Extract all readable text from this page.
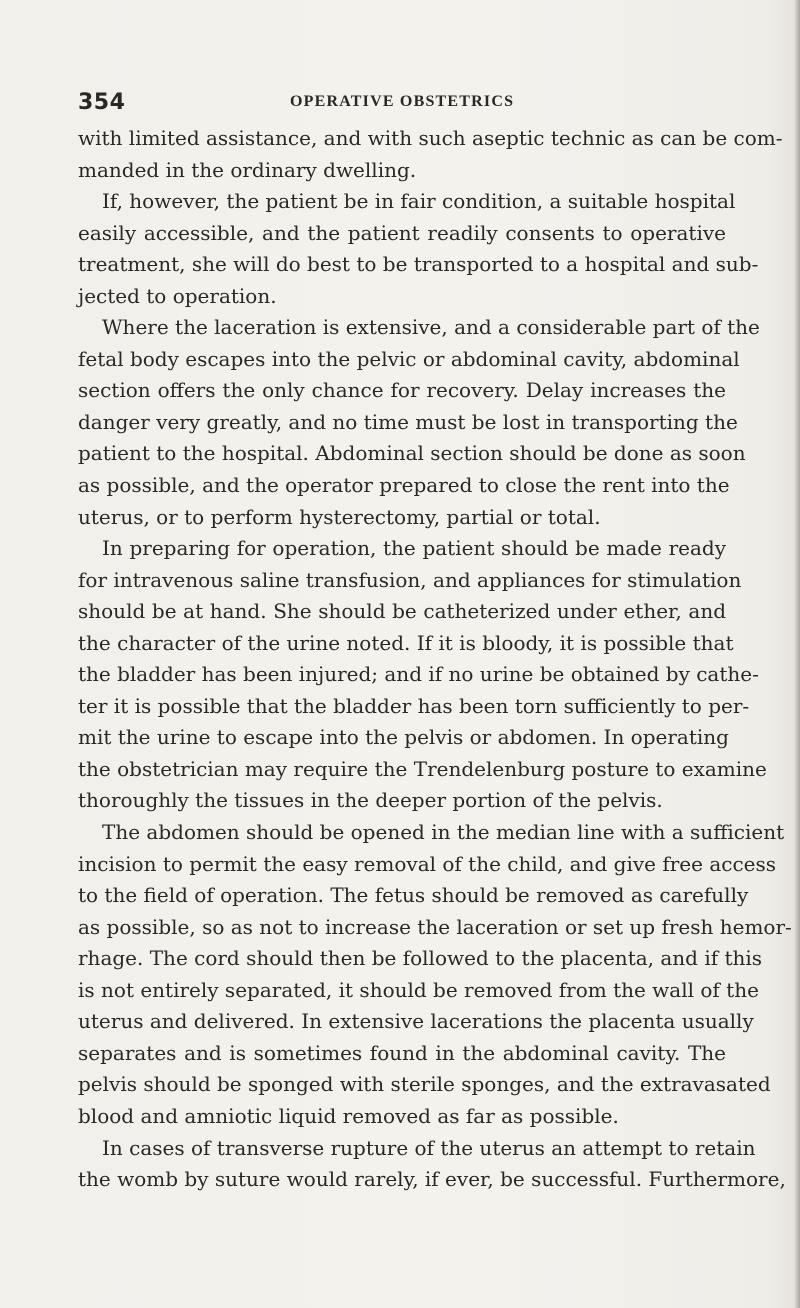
354	OPERATIVE OBSTETRICS
with limited assistance, and with such aseptic technic as can be com-
manded in the ordinary dwelling.
If, however, the patient be in fair condition, a suitable hospital
easily accessible, and the patient readily consents to operative
treatment, she will do best to be transported to a hospital and sub-
jected to operation.
Where the laceration is extensive, and a considerable part of the
fetal body escapes into the pelvic or abdominal cavity, abdominal
section offers the only chance for recovery. Delay increases the
danger very greatly, and no time must be lost in transporting the
patient to the hospital. Abdominal section should be done as soon
as possible, and the operator prepared to close the rent into the
uterus, or to perform hysterectomy, partial or total.
In preparing for operation, the patient should be made ready
for intravenous saline transfusion, and appliances for stimulation
should be at hand. She should be catheterized under ether, and
the character of the urine noted. If it is bloody, it is possible that
the bladder has been injured; and if no urine be obtained by cathe-
ter it is possible that the bladder has been torn sufficiently to per-
mit the urine to escape into the pelvis or abdomen. In operating
the obstetrician may require the Trendelenburg posture to examine
thoroughly the tissues in the deeper portion of the pelvis.
The abdomen should be opened in the median line with a sufficient
incision to permit the easy removal of the child, and give free access
to the field of operation. The fetus should be removed as carefully
as possible, so as not to increase the laceration or set up fresh hemor-
rhage. The cord should then be followed to the placenta, and if this
is not entirely separated, it should be removed from the wall of the
uterus and delivered. In extensive lacerations the placenta usually
separates and is sometimes found in the abdominal cavity. The
pelvis should be sponged with sterile sponges, and the extravasated
blood and amniotic liquid removed as far as possible.
In cases of transverse rupture of the uterus an attempt to retain
the womb by suture would rarely, if ever, be successful. Furthermore,
